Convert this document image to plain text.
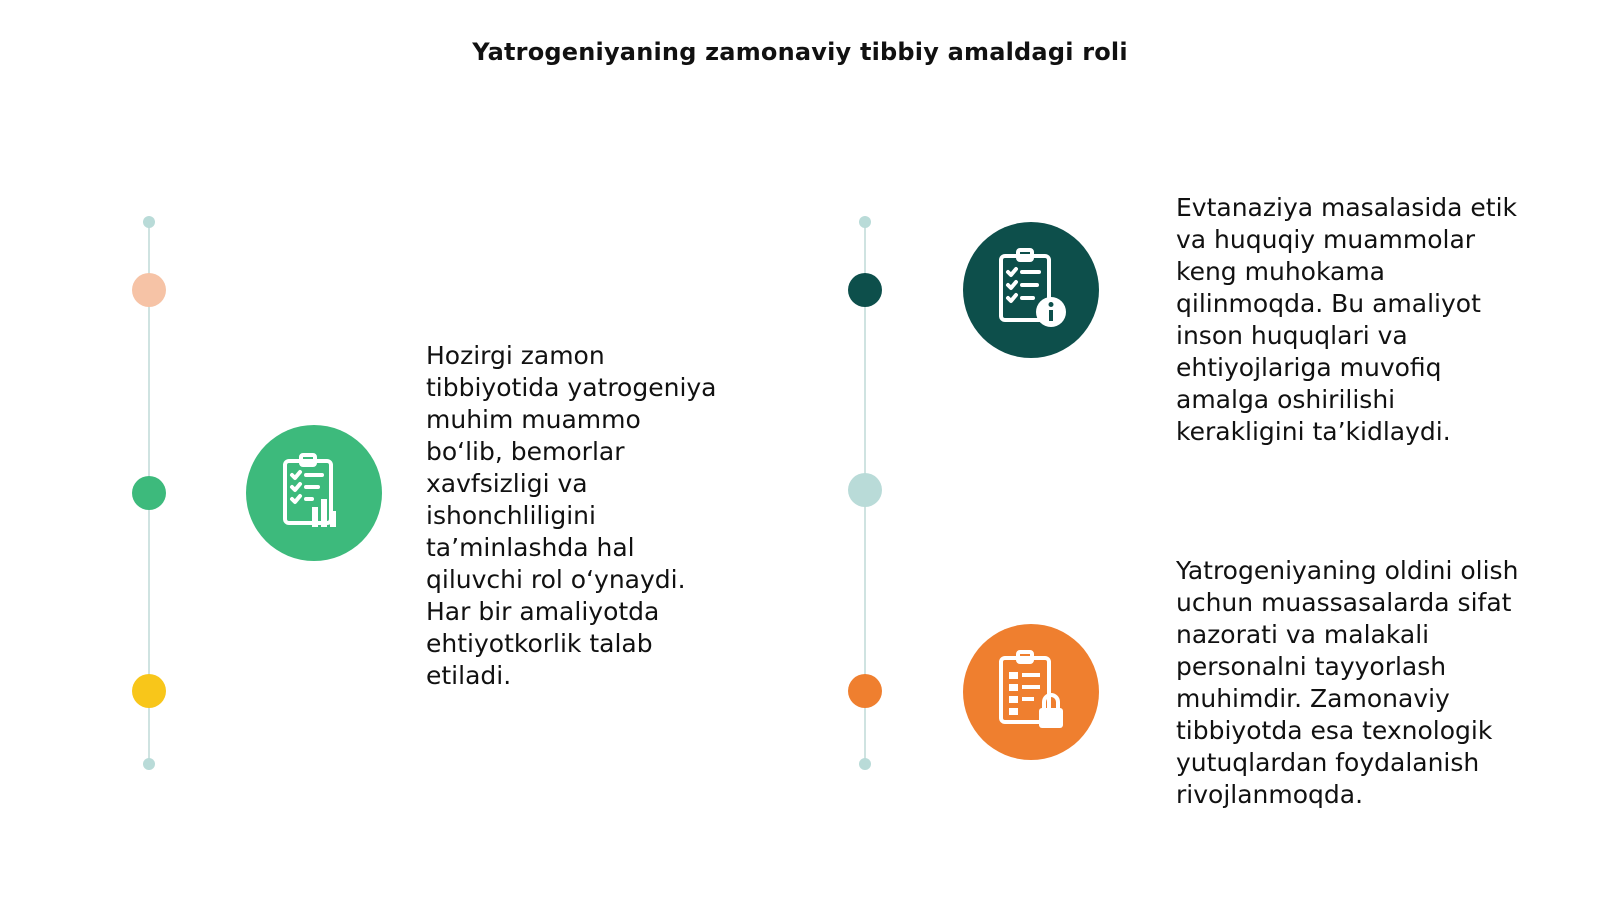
Yatrogeniyaning zamonaviy tibbiy amaldagi roli
Hozirgi zamon
tibbiyotida yatrogeniya
muhim muammo
bo‘lib, bemorlar
xavfsizligi va
ishonchliligini
ta’minlashda hal
qiluvchi rol o‘ynaydi.
Har bir amaliyotda
ehtiyotkorlik talab
etiladi.
Evtanaziya masalasida etik
va huquqiy muammolar
keng muhokama
qilinmoqda. Bu amaliyot
inson huquqlari va
ehtiyojlariga muvofiq
amalga oshirilishi
kerakligini ta’kidlaydi.
Yatrogeniyaning oldini olish
uchun muassasalarda sifat
nazorati va malakali
personalni tayyorlash
muhimdir. Zamonaviy
tibbiyotda esa texnologik
yutuqlardan foydalanish
rivojlanmoqda.
